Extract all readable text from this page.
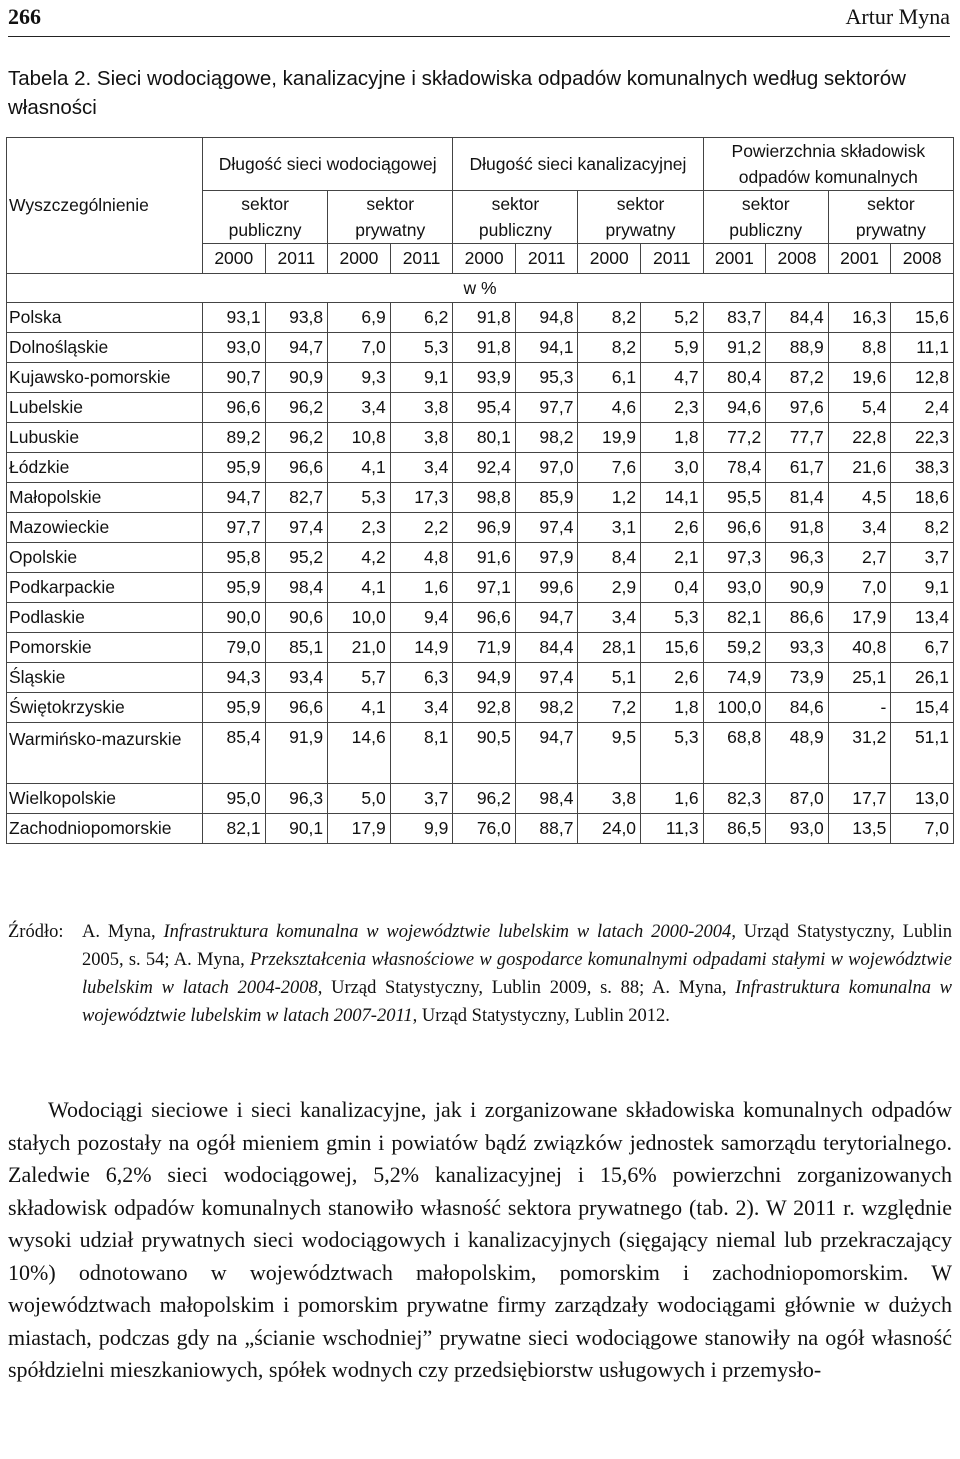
266	Artur Myna
Tabela 2. Sieci wodociągowe, kanalizacyjne i składowiska odpadów komunalnych według sektorów własności
Wyszczególnienie	Długość sieci wodociągowej				Długość sieci kanalizacyjnej				Powierzchnia składowisk odpadów komunalnych			
	sektor publiczny		sektor prywatny		sektor publiczny		sektor prywatny		sektor publiczny		sektor prywatny	
	2000	2011	2000	2011	2000	2011	2000	2011	2001	2008	2001	2008
w %												
Polska	93,1	93,8	6,9	6,2	91,8	94,8	8,2	5,2	83,7	84,4	16,3	15,6
Dolnośląskie	93,0	94,7	7,0	5,3	91,8	94,1	8,2	5,9	91,2	88,9	8,8	11,1
Kujawsko-pomorskie	90,7	90,9	9,3	9,1	93,9	95,3	6,1	4,7	80,4	87,2	19,6	12,8
Lubelskie	96,6	96,2	3,4	3,8	95,4	97,7	4,6	2,3	94,6	97,6	5,4	2,4
Lubuskie	89,2	96,2	10,8	3,8	80,1	98,2	19,9	1,8	77,2	77,7	22,8	22,3
Łódzkie	95,9	96,6	4,1	3,4	92,4	97,0	7,6	3,0	78,4	61,7	21,6	38,3
Małopolskie	94,7	82,7	5,3	17,3	98,8	85,9	1,2	14,1	95,5	81,4	4,5	18,6
Mazowieckie	97,7	97,4	2,3	2,2	96,9	97,4	3,1	2,6	96,6	91,8	3,4	8,2
Opolskie	95,8	95,2	4,2	4,8	91,6	97,9	8,4	2,1	97,3	96,3	2,7	3,7
Podkarpackie	95,9	98,4	4,1	1,6	97,1	99,6	2,9	0,4	93,0	90,9	7,0	9,1
Podlaskie	90,0	90,6	10,0	9,4	96,6	94,7	3,4	5,3	82,1	86,6	17,9	13,4
Pomorskie	79,0	85,1	21,0	14,9	71,9	84,4	28,1	15,6	59,2	93,3	40,8	6,7
Śląskie	94,3	93,4	5,7	6,3	94,9	97,4	5,1	2,6	74,9	73,9	25,1	26,1
Świętokrzyskie	95,9	96,6	4,1	3,4	92,8	98,2	7,2	1,8	100,0	84,6	-	15,4
Warmińsko-mazurskie	85,4	91,9	14,6	8,1	90,5	94,7	9,5	5,3	68,8	48,9	31,2	51,1
Wielkopolskie	95,0	96,3	5,0	3,7	96,2	98,4	3,8	1,6	82,3	87,0	17,7	13,0
Zachodniopomorskie	82,1	90,1	17,9	9,9	76,0	88,7	24,0	11,3	86,5	93,0	13,5	7,0
Źródło: A. Myna, Infrastruktura komunalna w województwie lubelskim w latach 2000-2004, Urząd Statystyczny, Lublin 2005, s. 54; A. Myna, Przekształcenia własnościowe w gospodarce komunalnymi odpadami stałymi w województwie lubelskim w latach 2004-2008, Urząd Statystyczny, Lublin 2009, s. 88; A. Myna, Infrastruktura komunalna w województwie lubelskim w latach 2007-2011, Urząd Statystyczny, Lublin 2012.

Wodociągi sieciowe i sieci kanalizacyjne, jak i zorganizowane składowiska komunalnych odpadów stałych pozostały na ogół mieniem gmin i powiatów bądź związków jednostek samorządu terytorialnego. Zaledwie 6,2% sieci wodociągowej, 5,2% kanalizacyjnej i 15,6% powierzchni zorganizowanych składowisk odpadów komunalnych stanowiło własność sektora prywatnego (tab. 2). W 2011 r. względnie wysoki udział prywatnych sieci wodociągowych i kanalizacyjnych (sięgający niemal lub przekraczający 10%) odnotowano w województwach małopolskim, pomorskim i zachodniopomorskim. W województwach małopolskim i pomorskim prywatne firmy zarządzały wodociągami głównie w dużych miastach, podczas gdy na „ścianie wschodniej” prywatne sieci wodociągowe stanowiły na ogół własność spółdzielni mieszkaniowych, spółek wodnych czy przedsiębiorstw usługowych i przemysło-
